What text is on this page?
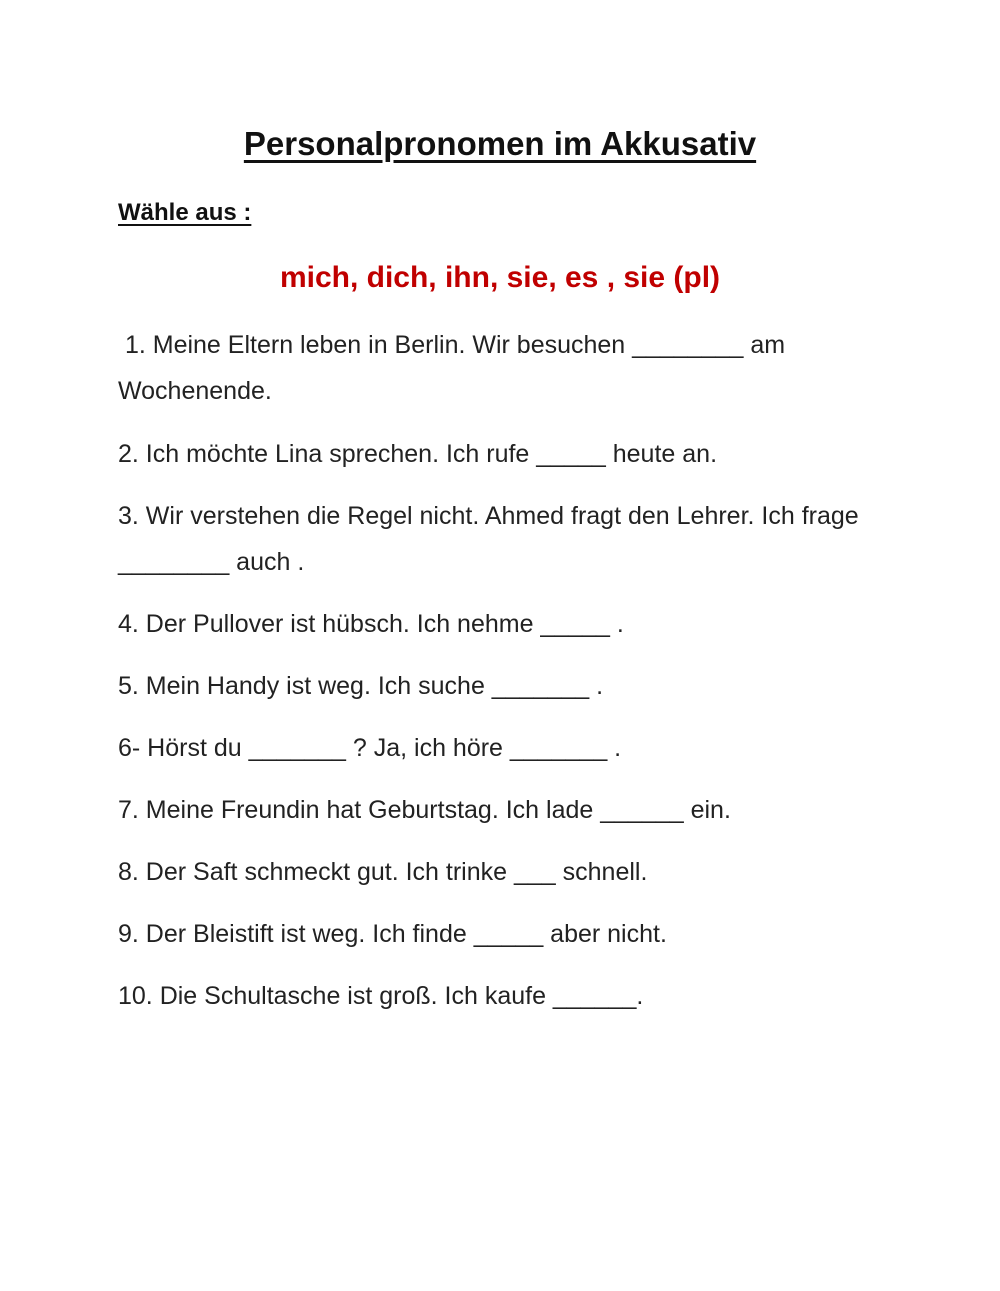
Personalpronomen im Akkusativ
Wähle aus :
mich, dich, ihn, sie, es , sie (pl)
1. Meine Eltern leben in Berlin. Wir besuchen ________ am Wochenende.
2. Ich möchte Lina sprechen. Ich rufe _____ heute an.
3. Wir verstehen die Regel nicht. Ahmed fragt den Lehrer. Ich frage ________ auch .
4. Der Pullover ist hübsch. Ich nehme _____ .
5. Mein Handy ist weg. Ich suche _______ .
6- Hörst du _______ ? Ja, ich höre _______ .
7. Meine Freundin hat Geburtstag. Ich lade ______ ein.
8. Der Saft schmeckt gut. Ich trinke ___ schnell.
9. Der Bleistift ist weg. Ich finde _____ aber nicht.
10. Die Schultasche ist groß. Ich kaufe ______.
